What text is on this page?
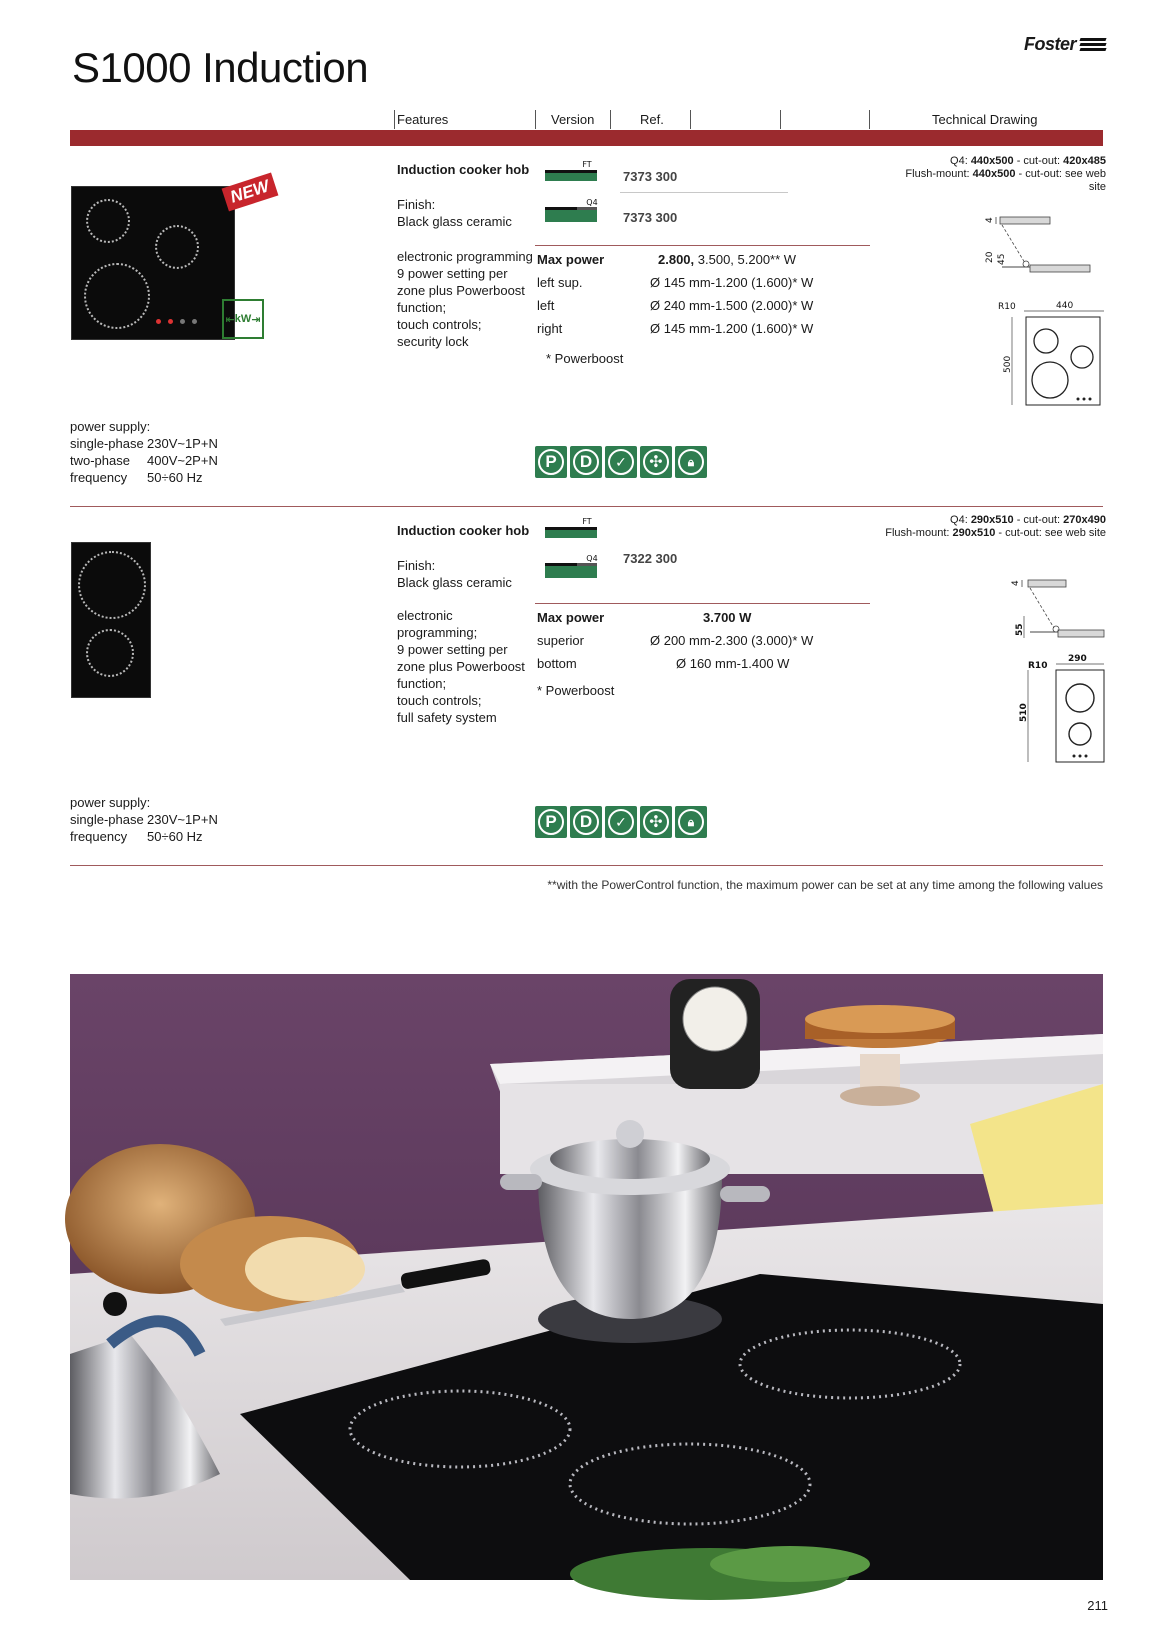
S1000 Induction	Foster
Features	Version	Ref.	Technical Drawing
NEW
⇤ kW ⇥
Induction cooker hob
Finish:
Black glass ceramic
FT
7373 300
Q4
7373 300
electronic programming
9 power setting per
zone plus Powerboost
function;
touch controls;
security lock
Max power	2.800, 3.500, 5.200** W
left sup.	Ø 145 mm-1.200 (1.600)* W
left	Ø 240 mm-1.500 (2.000)* W
right	Ø 145 mm-1.200 (1.600)* W
* Powerboost
Q4: 440x500 - cut-out: 420x485
Flush-mount: 440x500 - cut-out: see web
site
4
20 45
R10	440
500
power supply:
single-phase 230V~1P+N
two-phase	400V~2P+N
frequency	50÷60 Hz
P	D	✓	✣	🔒︎
Induction cooker hob
Finish:
Black glass ceramic
FT
Q4 7322 300
electronic
programming;
9 power setting per
zone plus Powerboost
function;
touch controls;
full safety system
Max power	3.700 W
superior	Ø 200 mm-2.300 (3.000)* W
bottom	Ø 160 mm-1.400 W
* Powerboost
Q4: 290x510 - cut-out: 270x490
Flush-mount: 290x510 - cut-out: see web site
4
55
R10
290
510
power supply:
single-phase 230V~1P+N
frequency	50÷60 Hz
P	D	✓	✣	🔒︎
**with the PowerControl function, the maximum power can be set at any time among the following values
211
